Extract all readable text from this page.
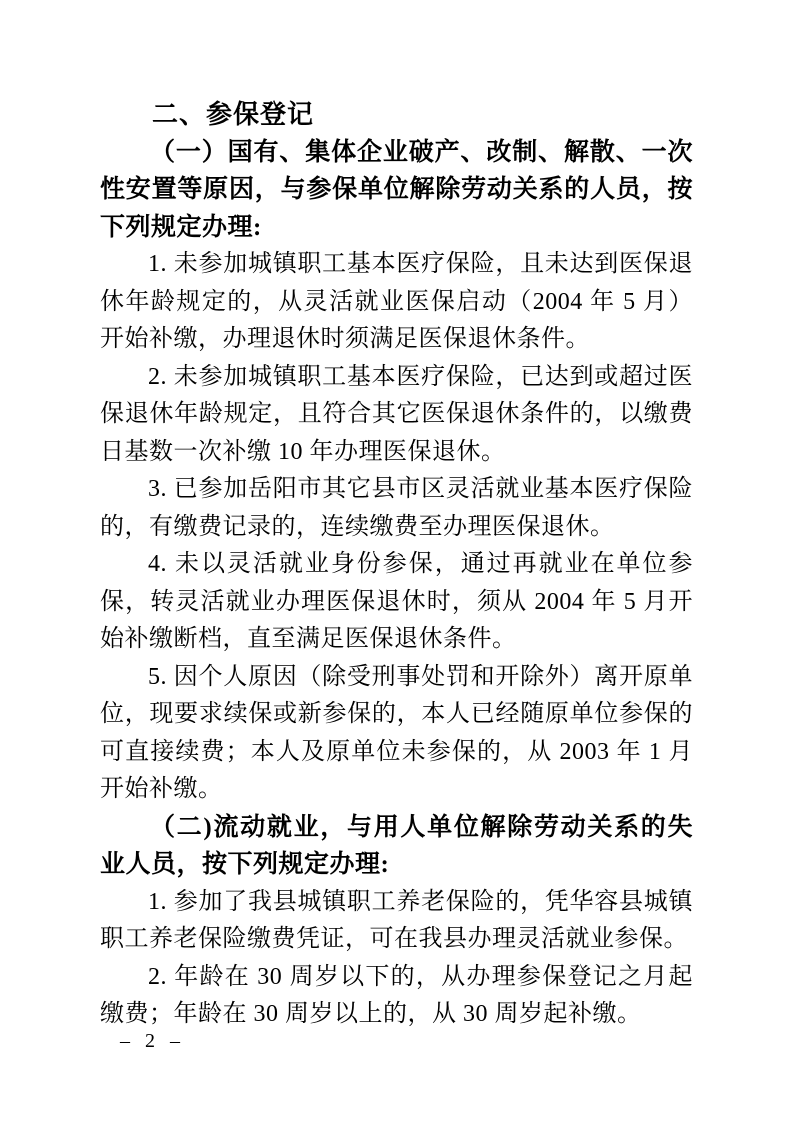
二、参保登记

（一）国有、集体企业破产、改制、解散、一次性安置等原因，与参保单位解除劳动关系的人员，按下列规定办理:

1. 未参加城镇职工基本医疗保险，且未达到医保退休年龄规定的，从灵活就业医保启动（2004 年 5 月）开始补缴，办理退休时须满足医保退休条件。

2. 未参加城镇职工基本医疗保险，已达到或超过医保退休年龄规定，且符合其它医保退休条件的，以缴费日基数一次补缴 10 年办理医保退休。

3. 已参加岳阳市其它县市区灵活就业基本医疗保险的，有缴费记录的，连续缴费至办理医保退休。

4. 未以灵活就业身份参保，通过再就业在单位参保，转灵活就业办理医保退休时，须从 2004 年 5 月开始补缴断档，直至满足医保退休条件。

5. 因个人原因（除受刑事处罚和开除外）离开原单位，现要求续保或新参保的，本人已经随原单位参保的可直接续费；本人及原单位未参保的，从 2003 年 1 月开始补缴。

（二)流动就业，与用人单位解除劳动关系的失业人员，按下列规定办理:

1. 参加了我县城镇职工养老保险的，凭华容县城镇职工养老保险缴费凭证，可在我县办理灵活就业参保。

2. 年龄在 30 周岁以下的，从办理参保登记之月起缴费；年龄在 30 周岁以上的，从 30 周岁起补缴。

– 2 –
